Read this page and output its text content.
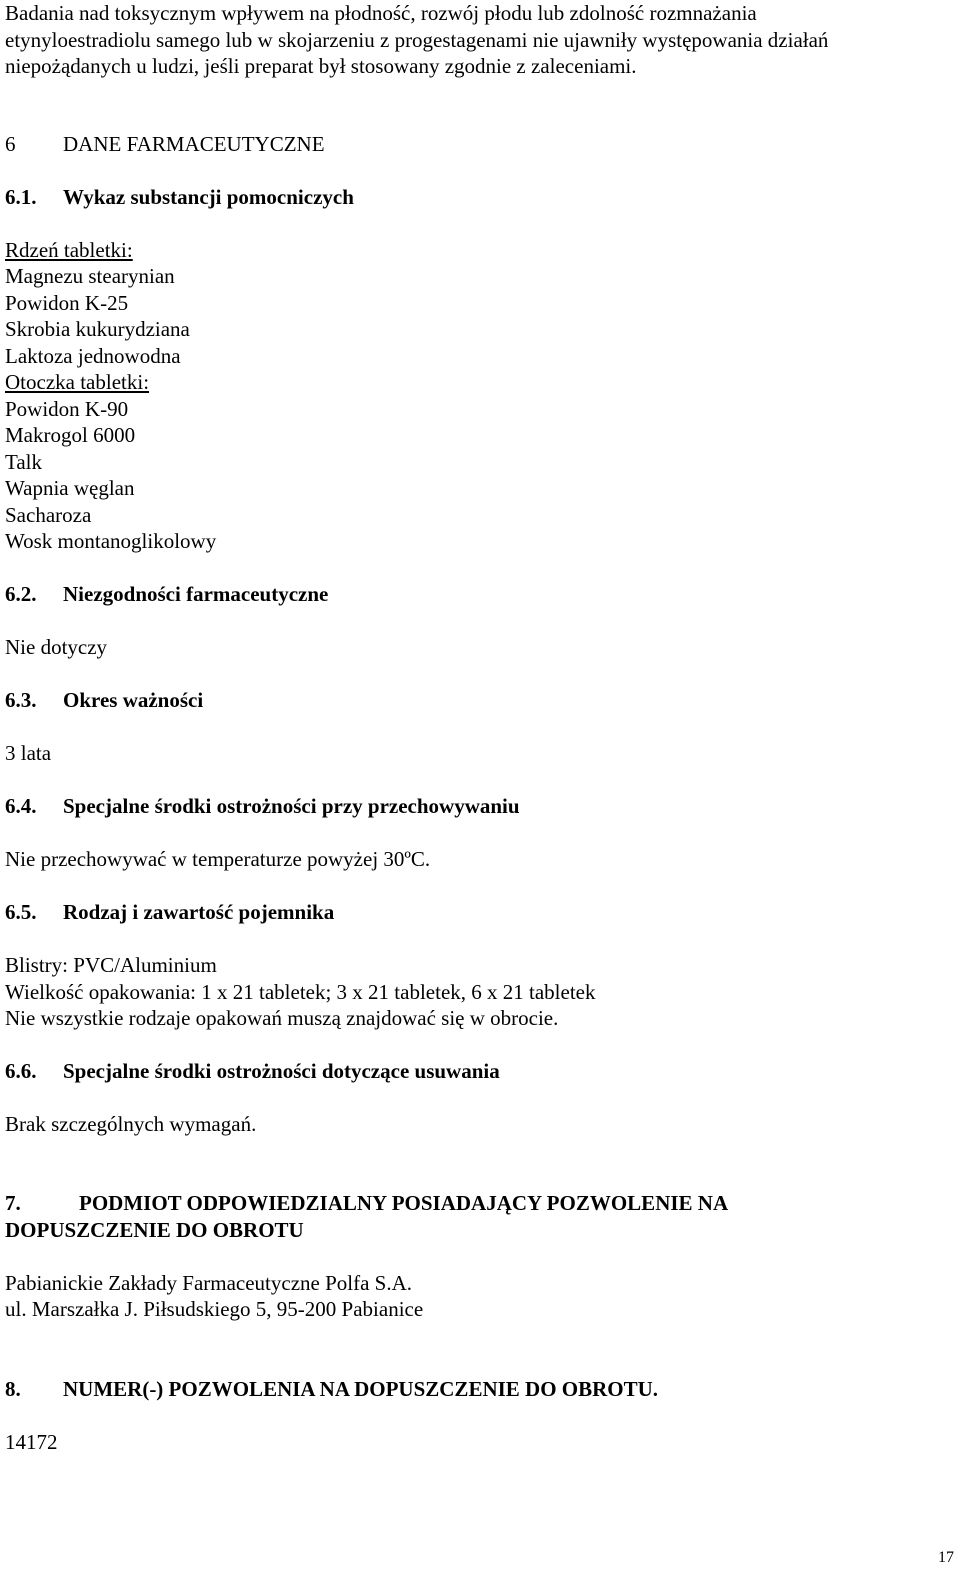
Badania nad toksycznym wpływem na płodność, rozwój płodu lub zdolność rozmnażania
etynyloestradiolu samego lub w skojarzeniu z progestagenami nie ujawniły występowania działań
niepożądanych u ludzi, jeśli preparat był stosowany zgodnie z zaleceniami.
6 DANE FARMACEUTYCZNE
6.1. Wykaz substancji pomocniczych
Rdzeń tabletki:
Magnezu stearynian
Powidon K-25
Skrobia kukurydziana
Laktoza jednowodna
Otoczka tabletki:
Powidon K-90
Makrogol 6000
Talk
Wapnia węglan
Sacharoza
Wosk montanoglikolowy
6.2. Niezgodności farmaceutyczne
Nie dotyczy
6.3. Okres ważności
3 lata
6.4. Specjalne środki ostrożności przy przechowywaniu
Nie przechowywać w temperaturze powyżej 30ºC.
6.5. Rodzaj i zawartość pojemnika
Blistry: PVC/Aluminium
Wielkość opakowania: 1 x 21 tabletek; 3 x 21 tabletek, 6 x 21 tabletek
Nie wszystkie rodzaje opakowań muszą znajdować się w obrocie.
6.6. Specjalne środki ostrożności dotyczące usuwania
Brak szczególnych wymagań.
7.	PODMIOT ODPOWIEDZIALNY POSIADAJĄCY POZWOLENIE NA
DOPUSZCZENIE DO OBROTU
Pabianickie Zakłady Farmaceutyczne Polfa S.A.
ul. Marszałka J. Piłsudskiego 5, 95-200 Pabianice
8. NUMER(-) POZWOLENIA NA DOPUSZCZENIE DO OBROTU.
14172
17
